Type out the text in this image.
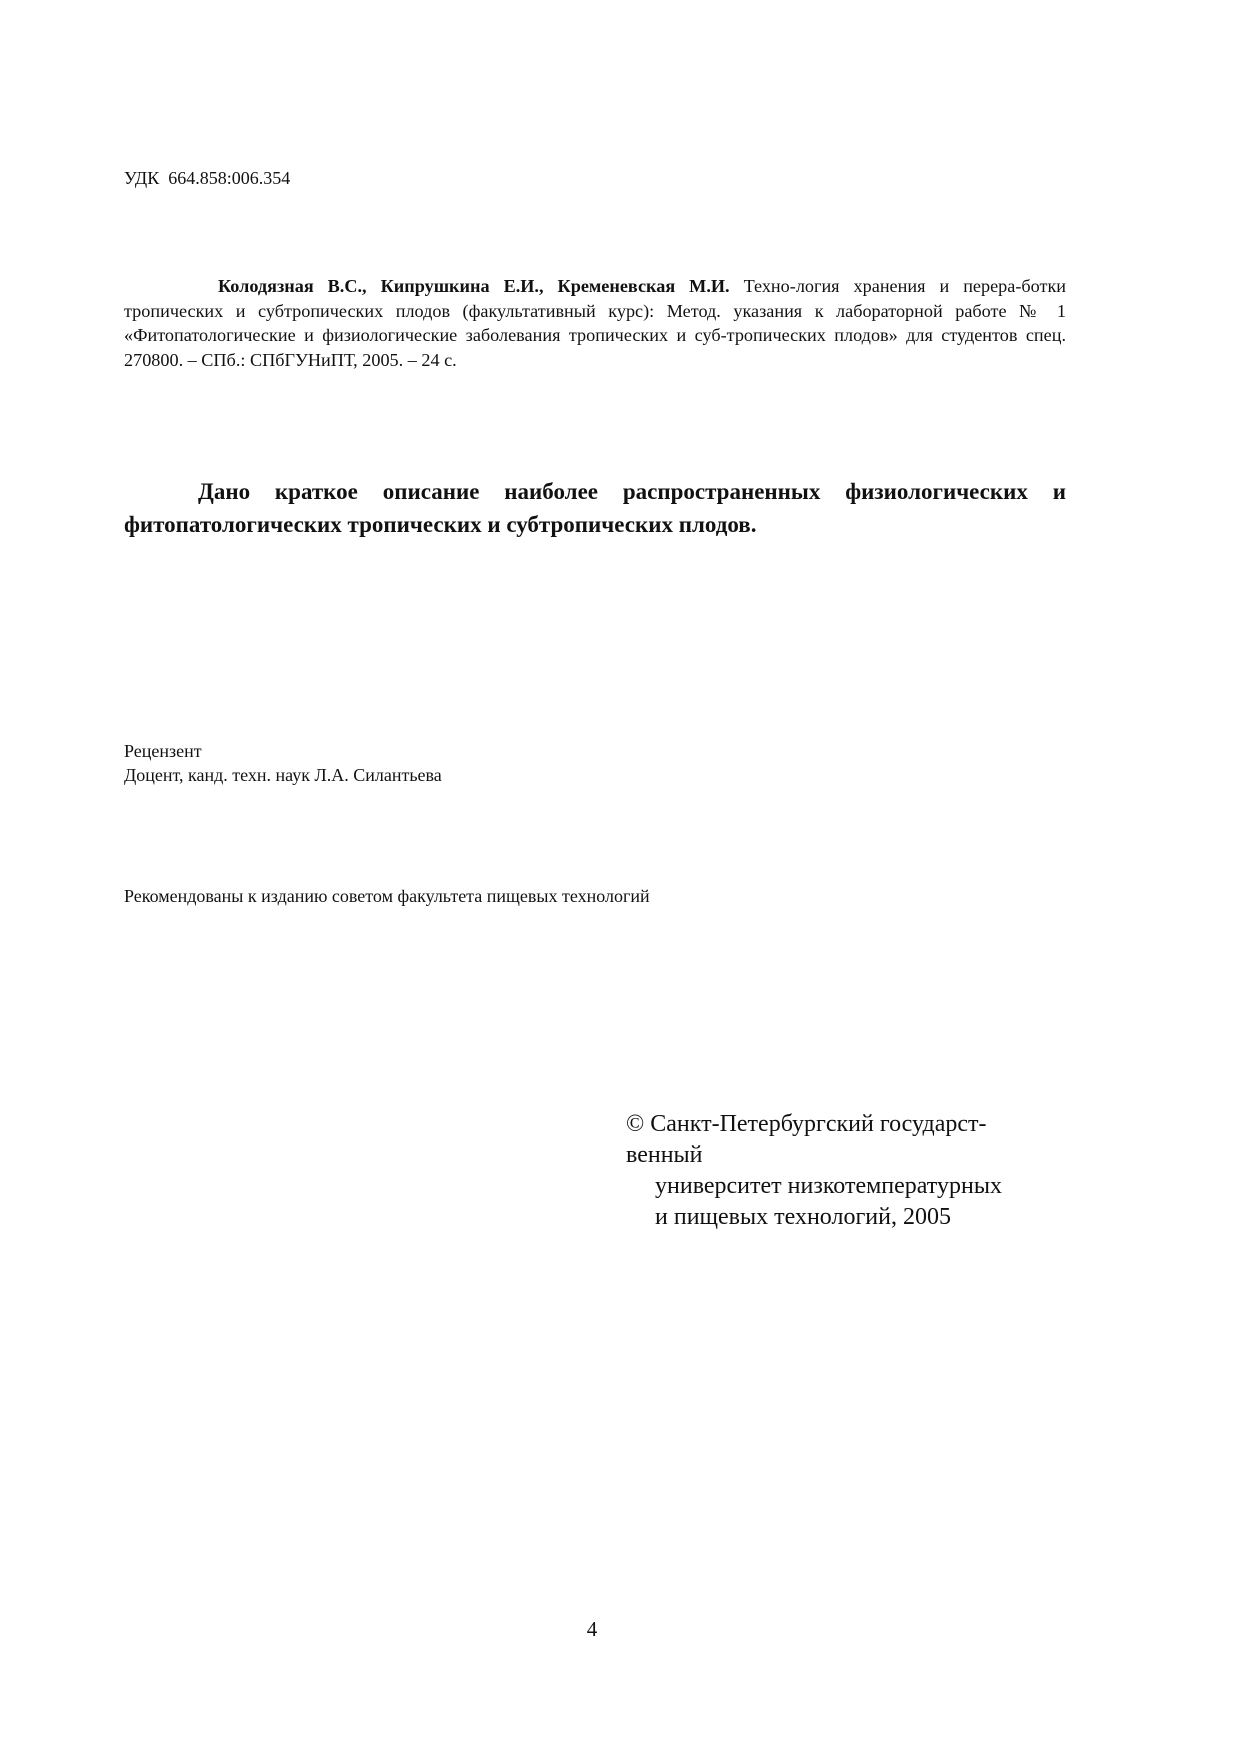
УДК  664.858:006.354
Колодязная В.С., Кипрушкина Е.И., Кременевская М.И. Техно-логия хранения и перера-ботки тропических и субтропических плодов (факультативный курс): Метод. указания к лабораторной работе № 1 «Фитопатологические и физиологические заболевания тропических и суб-тропических плодов» для студентов спец. 270800. – СПб.: СПбГУНиПТ, 2005. – 24 с.
Дано краткое описание наиболее распространенных физиологических и фитопатологических тропических и субтропических плодов.
Рецензент
Доцент, канд. техн. наук Л.А. Силантьева
Рекомендованы к изданию советом факультета пищевых технологий
© Санкт-Петербургский государст-
венный
университет низкотемпературных
и пищевых технологий, 2005
4
